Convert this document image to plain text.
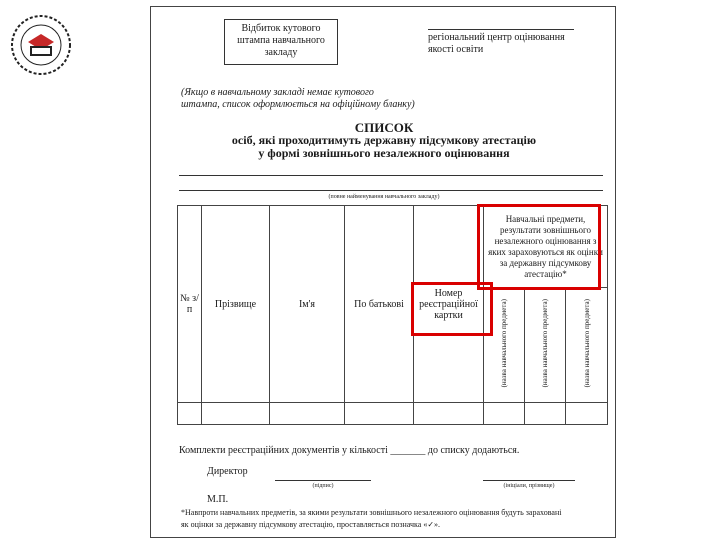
Відбиток кутового
штампа навчального
закладу
регіональний центр оцінювання
якості освіти
(Якщо в навчальному закладі немає кутового
штампа, список оформлюється на офіційному бланку)
СПИСОК
осіб, які проходитимуть державну підсумкову атестацію
у формі зовнішнього незалежного оцінювання
(повне найменування навчального закладу)
№ з/п	Прізвище	Ім'я	По батькові	Номер реєстраційної картки	Навчальні предмети, результати зовнішнього незалежного оцінювання з яких зараховуються як оцінки за державну підсумкову атестацію*		
					(назва навчального предмета)	(назва навчального предмета)	(назва навчального предмета)

Комплекти реєстраційних документів у кількості _______ до списку додаються.
Директор
(підпис)	(ініціали, прізвище)
М.П.
*Навпроти навчальних предметів, за якими результати зовнішнього незалежного оцінювання будуть зараховані
як оцінки за державну підсумкову атестацію, проставляється позначка «✓».
